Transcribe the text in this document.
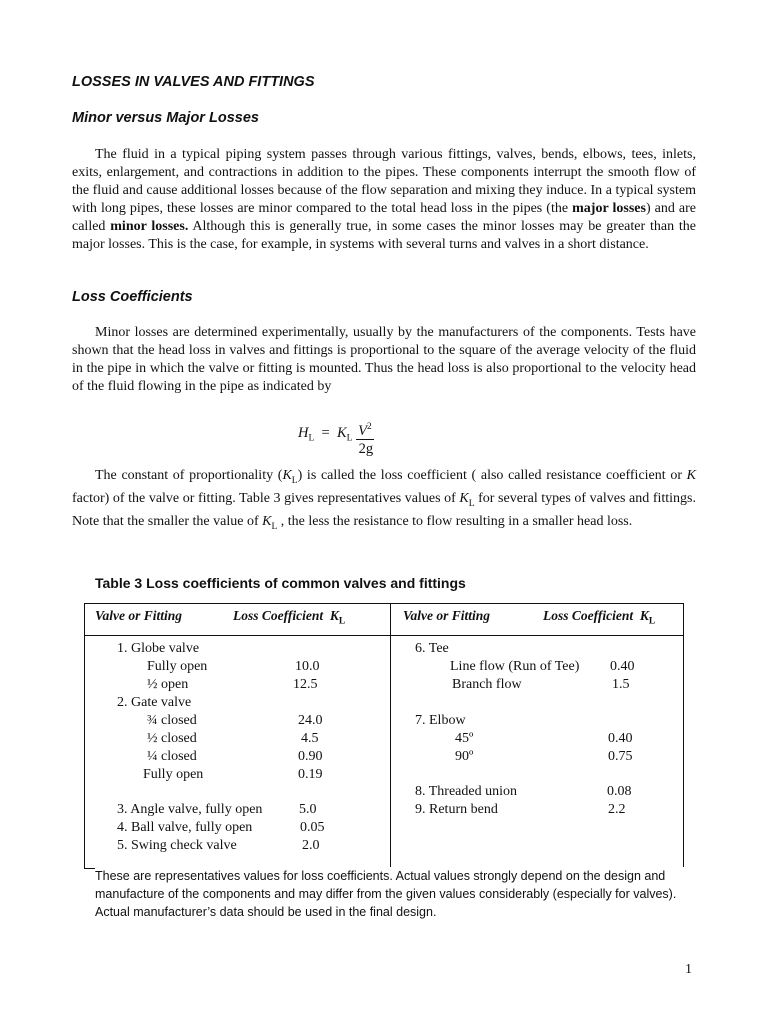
LOSSES IN VALVES AND FITTINGS
Minor versus Major Losses
The fluid in a typical piping system passes through various fittings, valves, bends, elbows, tees, inlets, exits, enlargement, and contractions in addition to the pipes. These components interrupt the smooth flow of the fluid and cause additional losses because of the flow separation and mixing they induce. In a typical system with long pipes, these losses are minor compared to the total head loss in the pipes (the major losses) and are called minor losses. Although this is generally true, in some cases the minor losses may be greater than the major losses. This is the case, for example, in systems with several turns and valves in a short distance.
Loss Coefficients
Minor losses are determined experimentally, usually by the manufacturers of the components. Tests have shown that the head loss in valves and fittings is proportional to the square of the average velocity of the fluid in the pipe in which the valve or fitting is mounted. Thus the head loss is also proportional to the velocity head of the fluid flowing in the pipe as indicated by
$H_L = K_L \frac{V^2}{2g}$
The constant of proportionality $(K_L)$ is called the loss coefficient ( also called resistance coefficient or K factor) of the valve or fitting. Table 3 gives representatives values of $K_L$ for several types of valves and fittings. Note that the smaller the value of $K_L$ , the less the resistance to flow resulting in a smaller head loss.
Table 3 Loss coefficients of common valves and fittings
Valve or Fitting	Loss Coefficient $K_L$	Valve or Fitting	Loss Coefficient $K_L$
1. Globe valve
Fully open	10.0
½ open	12.5
2. Gate valve
¾ closed	24.0
½ closed	4.5
¼ closed	0.90
Fully open	0.19
3. Angle valve, fully open	5.0
4. Ball valve, fully open	0.05
5. Swing check valve	2.0
6. Tee
Line flow (Run of Tee) 0.40
Branch flow	1.5
7. Elbow
45º	0.40
90º	0.75
8. Threaded union	0.08
9. Return bend	2.2
These are representatives values for loss coefficients. Actual values strongly depend on the design and manufacture of the components and may differ from the given values considerably (especially for valves). Actual manufacturer’s data should be used in the final design.
1
